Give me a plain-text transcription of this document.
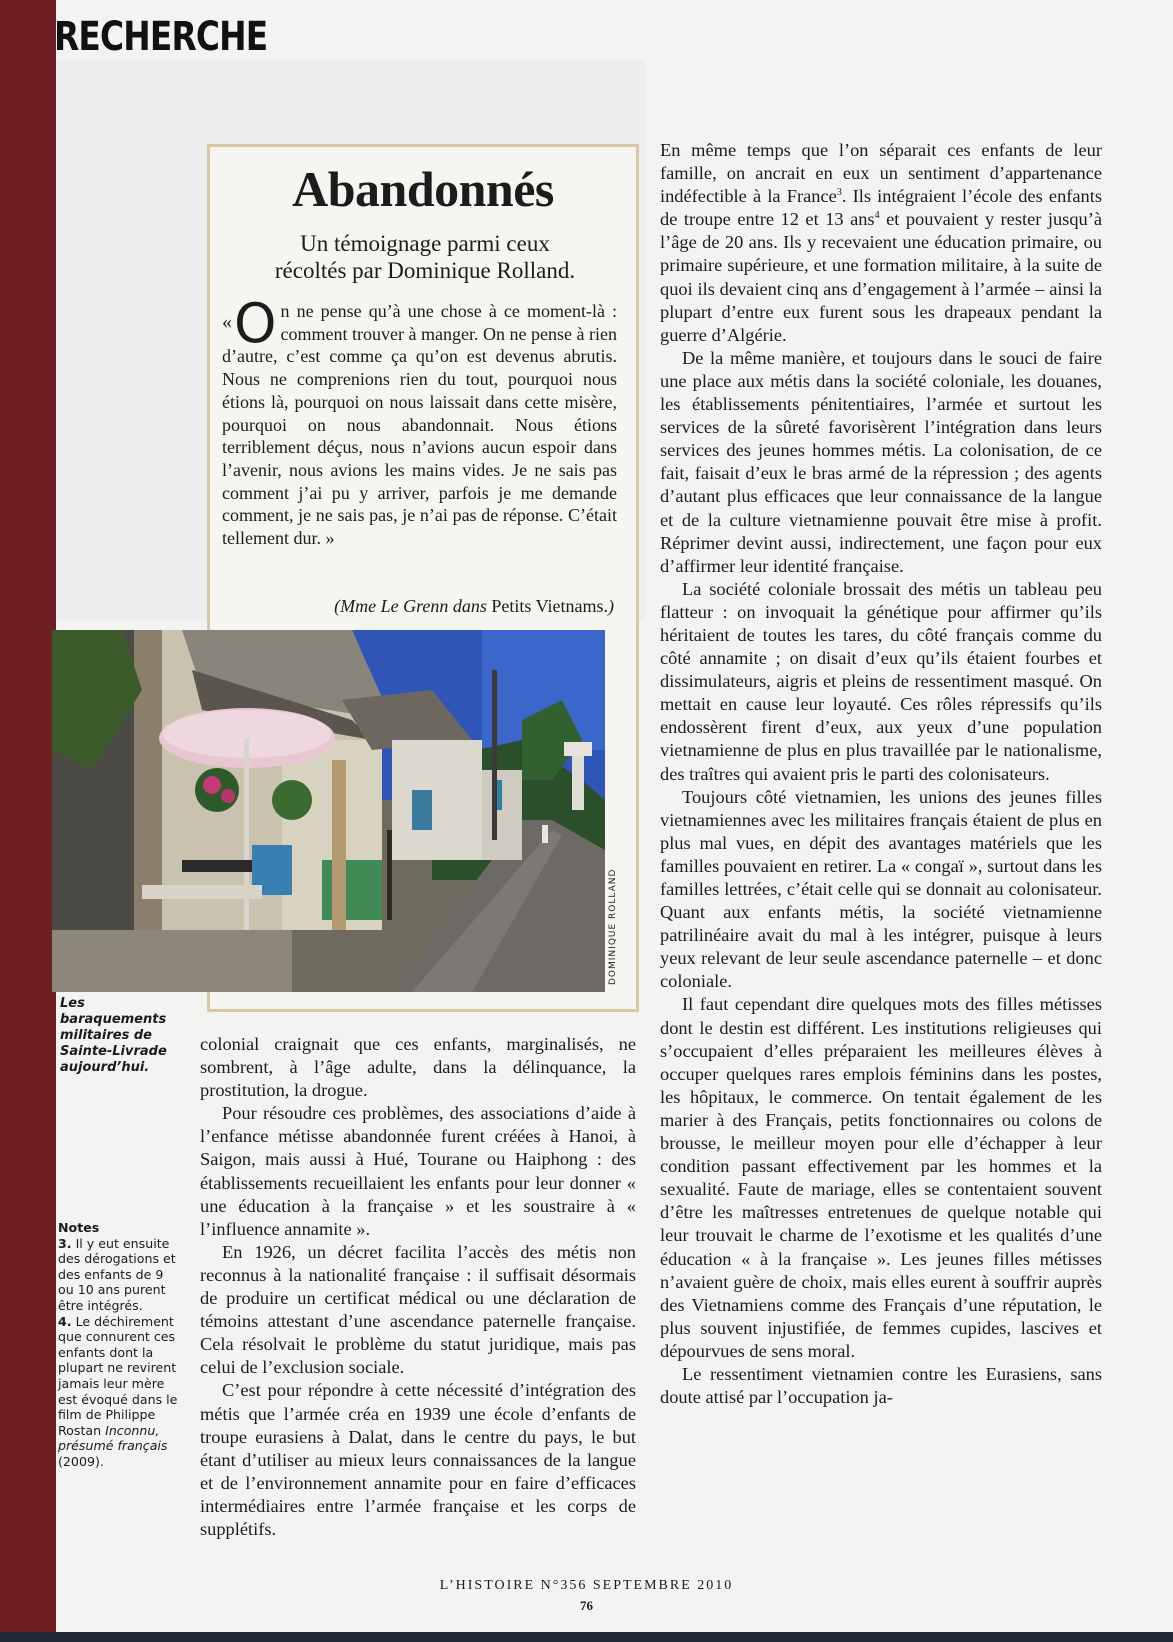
RECHERCHE
Abandonnés

Un témoignage parmi ceux
récoltés par Dominique Rolland.

« O n ne pense qu’à une chose à ce moment-là : comment trouver à manger. On ne pense à rien d’autre, c’est comme ça qu’on est devenus abrutis. Nous ne comprenions rien du tout, pourquoi nous étions là, pourquoi on nous laissait dans cette misère, pourquoi on nous abandonnait. Nous étions terriblement déçus, nous n’avions aucun espoir dans l’avenir, nous avions les mains vides. Je ne sais pas comment j’ai pu y arriver, parfois je me demande comment, je ne sais pas, je n’ai pas de réponse. C’était tellement dur. »

(Mme Le Grenn dans Petits Vietnams.)

DOMINIQUE ROLLAND

Les baraquements militaires de Sainte-Livrade aujourd’hui.

Notes

3. Il y eut ensuite des dérogations et des enfants de 9 ou 10 ans purent être intégrés.

4. Le déchirement que connurent ces enfants dont la plupart ne revirent jamais leur mère est évoqué dans le film de Philippe Rostan Inconnu, présumé français (2009).

colonial craignait que ces enfants, marginalisés, ne sombrent, à l’âge adulte, dans la délinquance, la prostitution, la drogue.

Pour résoudre ces problèmes, des associations d’aide à l’enfance métisse abandonnée furent créées à Hanoi, à Saigon, mais aussi à Hué, Tourane ou Haiphong : des établissements recueillaient les enfants pour leur donner « une éducation à la française » et les soustraire à « l’influence annamite ».

En 1926, un décret facilita l’accès des métis non reconnus à la nationalité française : il suffisait désormais de produire un certificat médical ou une déclaration de témoins attestant d’une ascendance paternelle française. Cela résolvait le problème du statut juridique, mais pas celui de l’exclusion sociale.

C’est pour répondre à cette nécessité d’intégration des métis que l’armée créa en 1939 une école d’enfants de troupe eurasiens à Dalat, dans le centre du pays, le but étant d’utiliser au mieux leurs connaissances de la langue et de l’environnement annamite pour en faire d’efficaces intermédiaires entre l’armée française et les corps de supplétifs.

En même temps que l’on séparait ces enfants de leur famille, on ancrait en eux un sentiment d’appartenance indéfectible à la France$^3$. Ils intégraient l’école des enfants de troupe entre 12 et 13 ans$^4$ et pouvaient y rester jusqu’à l’âge de 20 ans. Ils y recevaient une éducation primaire, ou primaire supérieure, et une formation militaire, à la suite de quoi ils devaient cinq ans d’engagement à l’armée – ainsi la plupart d’entre eux furent sous les drapeaux pendant la guerre d’Algérie.

De la même manière, et toujours dans le souci de faire une place aux métis dans la société coloniale, les douanes, les établissements pénitentiaires, l’armée et surtout les services de la sûreté favorisèrent l’intégration dans leurs services des jeunes hommes métis. La colonisation, de ce fait, faisait d’eux le bras armé de la répression ; des agents d’autant plus efficaces que leur connaissance de la langue et de la culture vietnamienne pouvait être mise à profit. Réprimer devint aussi, indirectement, une façon pour eux d’affirmer leur identité française.

La société coloniale brossait des métis un tableau peu flatteur : on invoquait la génétique pour affirmer qu’ils héritaient de toutes les tares, du côté français comme du côté annamite ; on disait d’eux qu’ils étaient fourbes et dissimulateurs, aigris et pleins de ressentiment masqué. On mettait en cause leur loyauté. Ces rôles répressifs qu’ils endossèrent firent d’eux, aux yeux d’une population vietnamienne de plus en plus travaillée par le nationalisme, des traîtres qui avaient pris le parti des colonisateurs.

Toujours côté vietnamien, les unions des jeunes filles vietnamiennes avec les militaires français étaient de plus en plus mal vues, en dépit des avantages matériels que les familles pouvaient en retirer. La « congaï », surtout dans les familles lettrées, c’était celle qui se donnait au colonisateur. Quant aux enfants métis, la société vietnamienne patrilinéaire avait du mal à les intégrer, puisque à leurs yeux relevant de leur seule ascendance paternelle – et donc coloniale.

Il faut cependant dire quelques mots des filles métisses dont le destin est différent. Les institutions religieuses qui s’occupaient d’elles préparaient les meilleures élèves à occuper quelques rares emplois féminins dans les postes, les hôpitaux, le commerce. On tentait également de les marier à des Français, petits fonctionnaires ou colons de brousse, le meilleur moyen pour elle d’échapper à leur condition passant effectivement par les hommes et la sexualité. Faute de mariage, elles se contentaient souvent d’être les maîtresses entretenues de quelque notable qui leur trouvait le charme de l’exotisme et les qualités d’une éducation « à la française ». Les jeunes filles métisses n’avaient guère de choix, mais elles eurent à souffrir auprès des Vietnamiens comme des Français d’une réputation, le plus souvent injustifiée, de femmes cupides, lascives et dépourvues de sens moral.

Le ressentiment vietnamien contre les Eurasiens, sans doute attisé par l’occupation ja-

L’HISTOIRE N°356 SEPTEMBRE 2010

76
